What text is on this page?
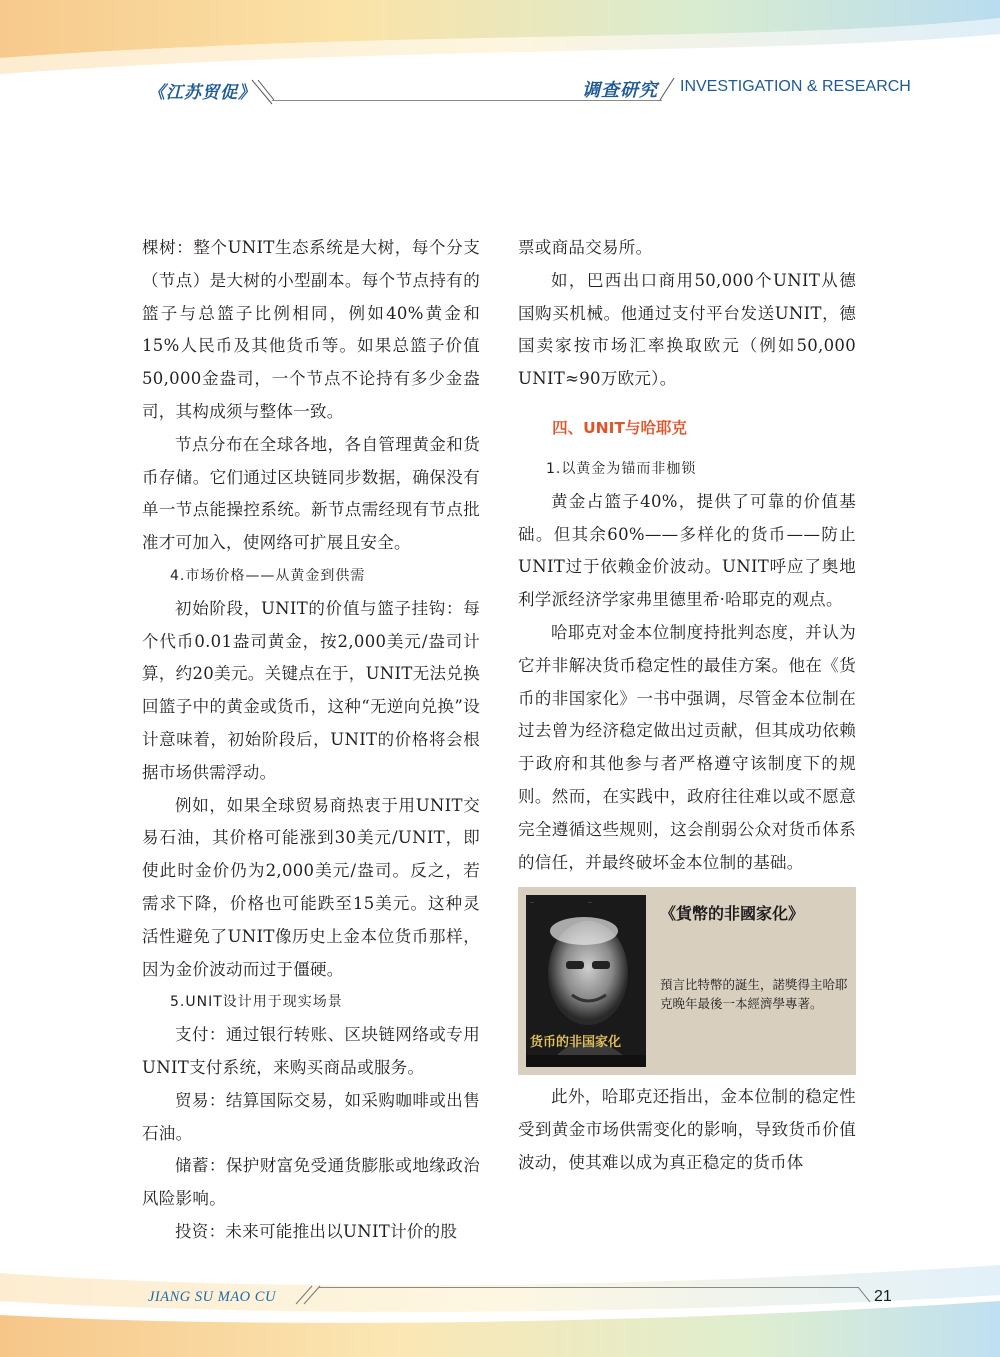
《江苏贸促》	调查研究 INVESTIGATION & RESEARCH

棵树：整个UNIT生态系统是大树，每个分支（节点）是大树的小型副本。每个节点持有的篮子与总篮子比例相同，例如40%黄金和15%人民币及其他货币等。如果总篮子价值50,000金盎司，一个节点不论持有多少金盎司，其构成须与整体一致。

节点分布在全球各地，各自管理黄金和货币存储。它们通过区块链同步数据，确保没有单一节点能操控系统。新节点需经现有节点批准才可加入，使网络可扩展且安全。

4.市场价格——从黄金到供需

初始阶段，UNIT的价值与篮子挂钩：每个代币0.01盎司黄金，按2,000美元/盎司计算，约20美元。关键点在于，UNIT无法兑换回篮子中的黄金或货币，这种“无逆向兑换”设计意味着，初始阶段后，UNIT的价格将会根据市场供需浮动。

例如，如果全球贸易商热衷于用UNIT交易石油，其价格可能涨到30美元/UNIT，即使此时金价仍为2,000美元/盎司。反之，若需求下降，价格也可能跌至15美元。这种灵活性避免了UNIT像历史上金本位货币那样，因为金价波动而过于僵硬。

5.UNIT设计用于现实场景

支付：通过银行转账、区块链网络或专用UNIT支付系统，来购买商品或服务。

贸易：结算国际交易，如采购咖啡或出售石油。

储蓄：保护财富免受通货膨胀或地缘政治风险影响。

投资：未来可能推出以UNIT计价的股

票或商品交易所。

如，巴西出口商用50,000个UNIT从德国购买机械。他通过支付平台发送UNIT，德国卖家按市场汇率换取欧元（例如50,000 UNIT≈90万欧元）。

四、UNIT与哈耶克

1.以黄金为锚而非枷锁

黄金占篮子40%，提供了可靠的价值基础。但其余60%——多样化的货币——防止UNIT过于依赖金价波动。UNIT呼应了奥地利学派经济学家弗里德里希·哈耶克的观点。

哈耶克对金本位制度持批判态度，并认为它并非解决货币稳定性的最佳方案。他在《货币的非国家化》一书中强调，尽管金本位制在过去曾为经济稳定做出过贡献，但其成功依赖于政府和其他参与者严格遵守该制度下的规则。然而，在实践中，政府往往难以或不愿意完全遵循这些规则，这会削弱公众对货币体系的信任，并最终破坏金本位制的基础。

—	—
货币的非国家化
《貨幣的非國家化》
預言比特幣的誕生，諾獎得主哈耶克晚年最後一本經濟學專著。

此外，哈耶克还指出，金本位制的稳定性受到黄金市场供需变化的影响，导致货币价值波动，使其难以成为真正稳定的货币体

JIANG SU MAO CU	21
